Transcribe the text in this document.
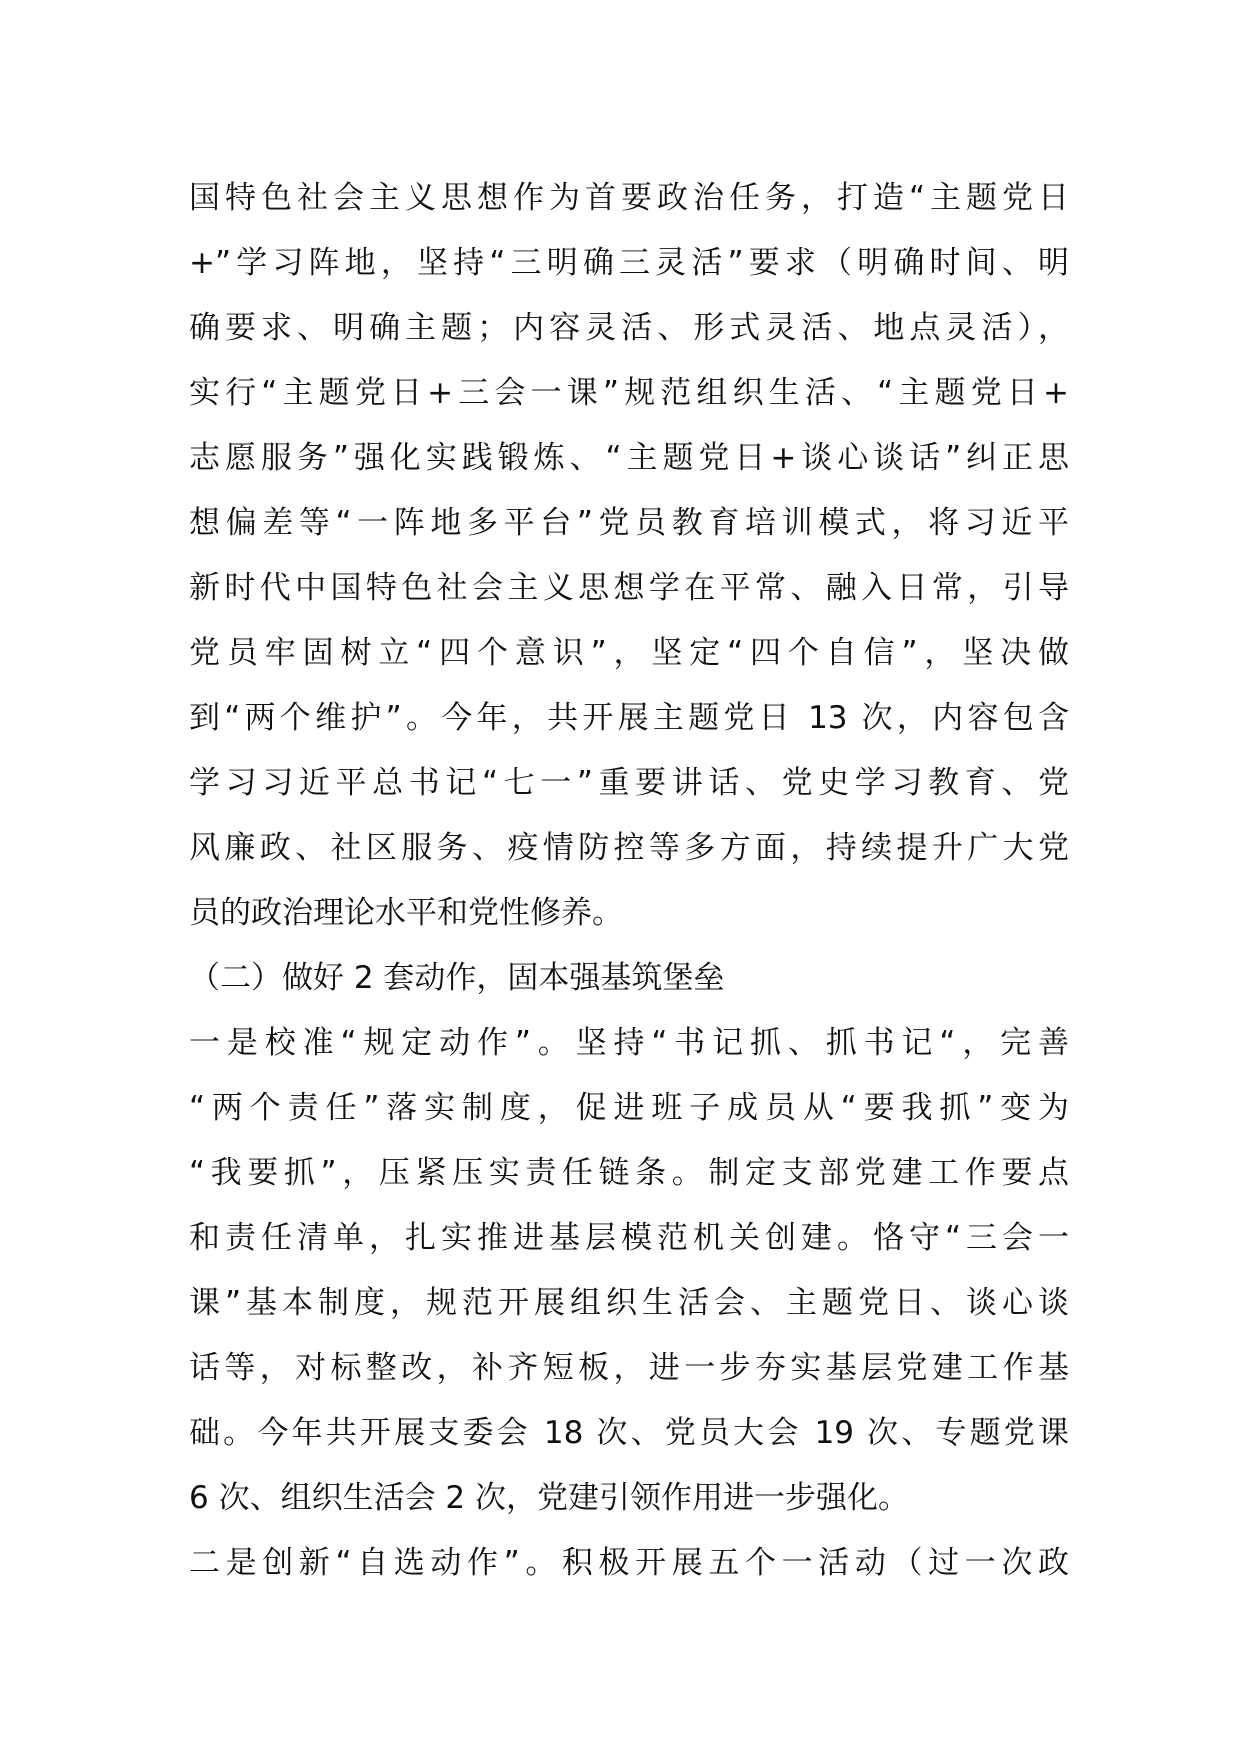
国特色社会主义思想作为首要政治任务，打造“主题党日
+”学习阵地，坚持“三明确三灵活”要求（明确时间、明
确要求、明确主题；内容灵活、形式灵活、地点灵活），
实行“主题党日+三会一课”规范组织生活、“主题党日+
志愿服务”强化实践锻炼、“主题党日+谈心谈话”纠正思
想偏差等“一阵地多平台”党员教育培训模式，将习近平
新时代中国特色社会主义思想学在平常、融入日常，引导
党员牢固树立“四个意识”，坚定“四个自信”，坚决做
到“两个维护”。今年，共开展主题党日 13 次，内容包含
学习习近平总书记“七一”重要讲话、党史学习教育、党
风廉政、社区服务、疫情防控等多方面，持续提升广大党
员的政治理论水平和党性修养。
（二）做好 2 套动作，固本强基筑堡垒
一是校准“规定动作”。坚持“书记抓、抓书记“，完善
“两个责任”落实制度，促进班子成员从“要我抓”变为
“我要抓”，压紧压实责任链条。制定支部党建工作要点
和责任清单，扎实推进基层模范机关创建。恪守“三会一
课”基本制度，规范开展组织生活会、主题党日、谈心谈
话等，对标整改，补齐短板，进一步夯实基层党建工作基
础。今年共开展支委会 18 次、党员大会 19 次、专题党课
6 次、组织生活会 2 次，党建引领作用进一步强化。
二是创新“自选动作”。积极开展五个一活动（过一次政
